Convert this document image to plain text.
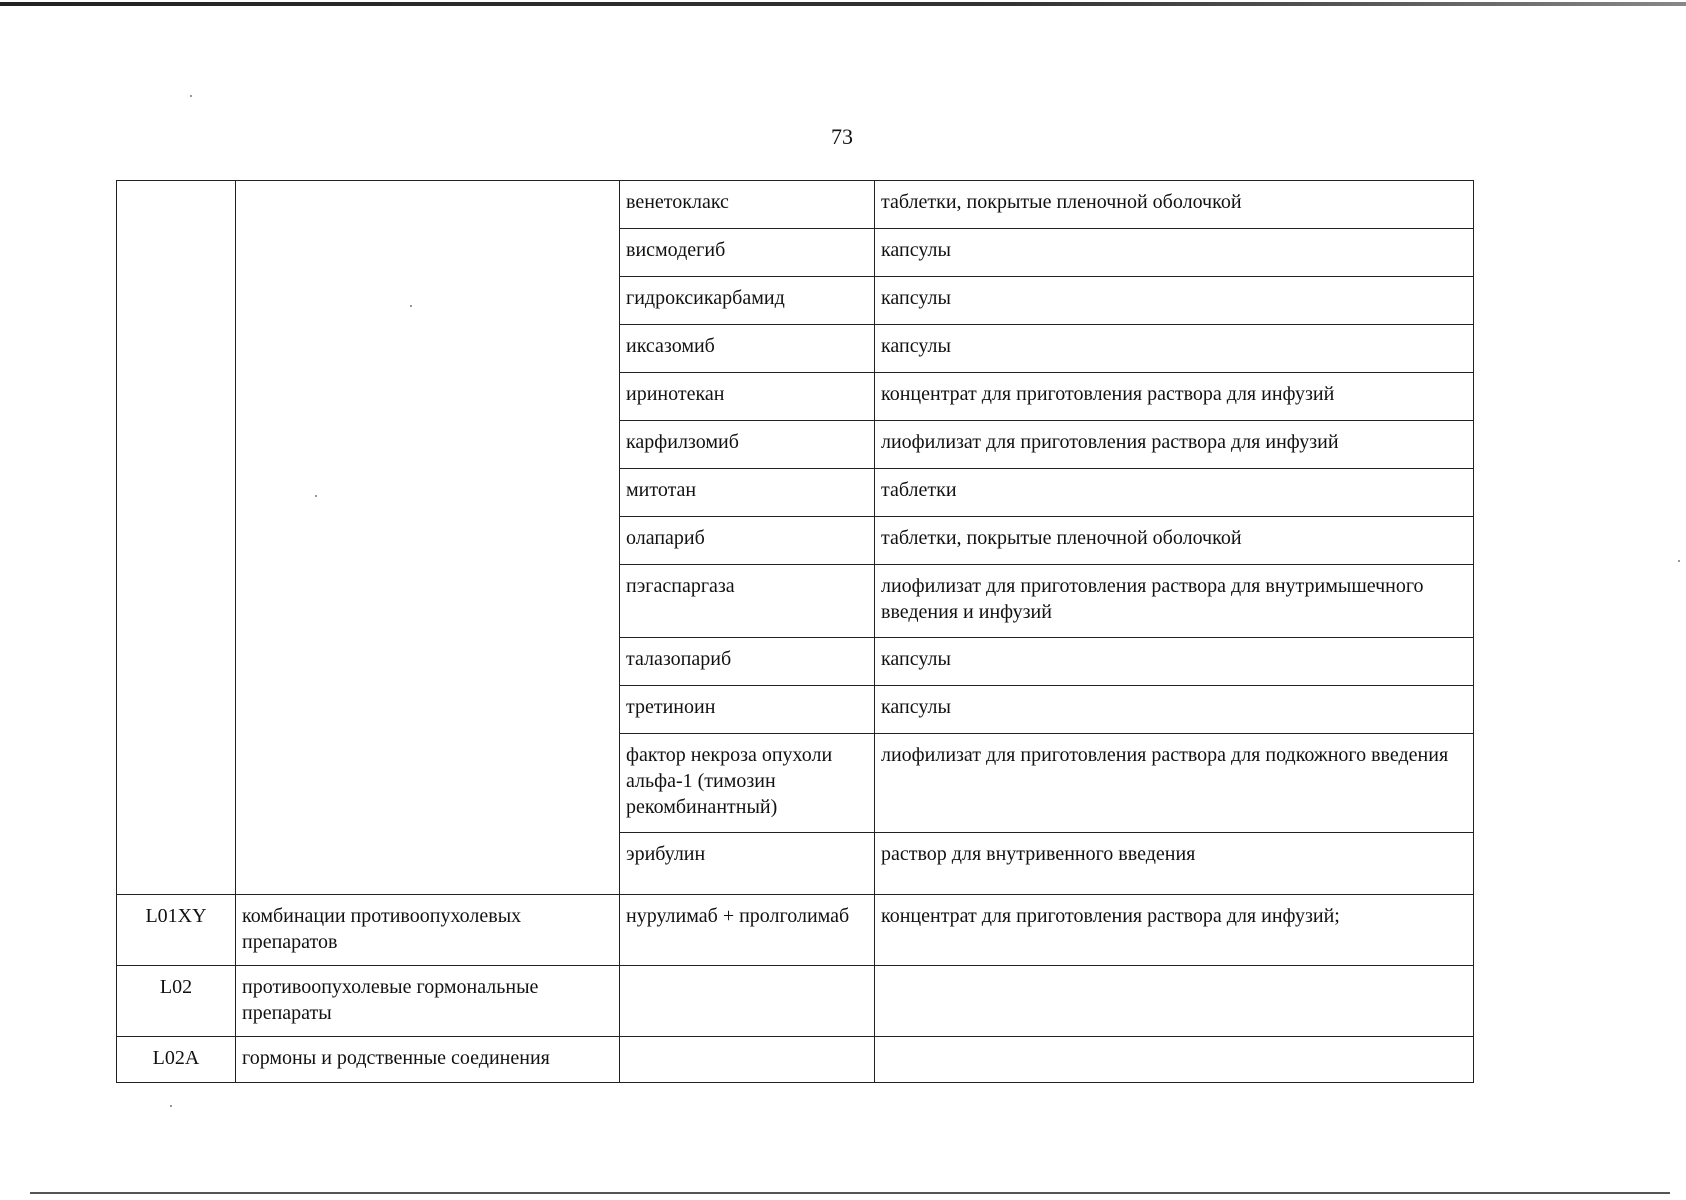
73
		венетоклакс	таблетки, покрытые пленочной оболочкой
		висмодегиб	капсулы
		гидроксикарбамид	капсулы
		иксазомиб	капсулы
		иринотекан	концентрат для приготовления раствора для инфузий
		карфилзомиб	лиофилизат для приготовления раствора для инфузий
		митотан	таблетки
		олапариб	таблетки, покрытые пленочной оболочкой
		пэгаспаргаза	лиофилизат для приготовления раствора для внутримышечного введения и инфузий
		талазопариб	капсулы
		третиноин	капсулы
		фактор некроза опухоли альфа-1 (тимозин рекомбинантный)	лиофилизат для приготовления раствора для подкожного введения
		эрибулин	раствор для внутривенного введения
L01XY	комбинации противоопухолевых препаратов	нурулимаб + пролголимаб	концентрат для приготовления раствора для инфузий;
L02	противоопухолевые гормональные препараты		
L02A	гормоны и родственные соединения		
